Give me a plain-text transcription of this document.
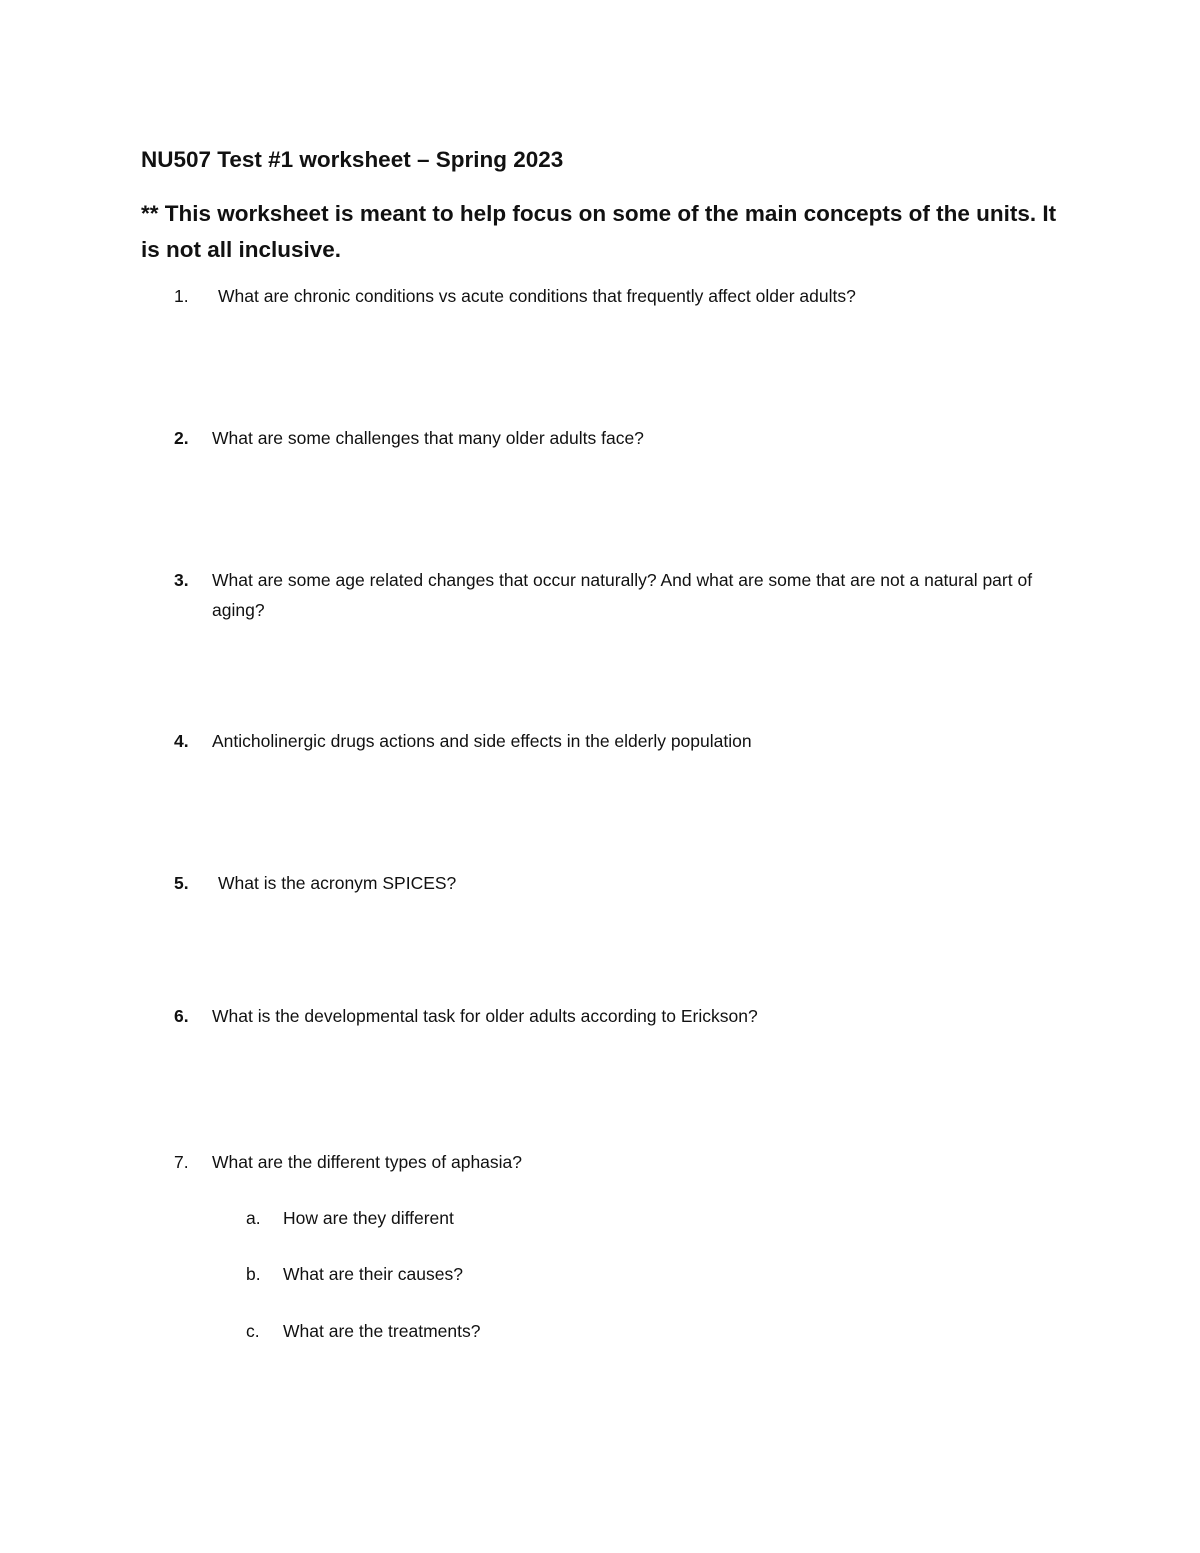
NU507 Test #1 worksheet – Spring 2023

** This worksheet is meant to help focus on some of the main concepts of the units. It is not all inclusive.

1. What are chronic conditions vs acute conditions that frequently affect older adults?
2. What are some challenges that many older adults face?
3. What are some age related changes that occur naturally? And what are some that are not a natural part of aging?
4. Anticholinergic drugs actions and side effects in the elderly population
5. What is the acronym SPICES?
6. What is the developmental task for older adults according to Erickson?
7. What are the different types of aphasia?
a. How are they different
b. What are their causes?
c. What are the treatments?
